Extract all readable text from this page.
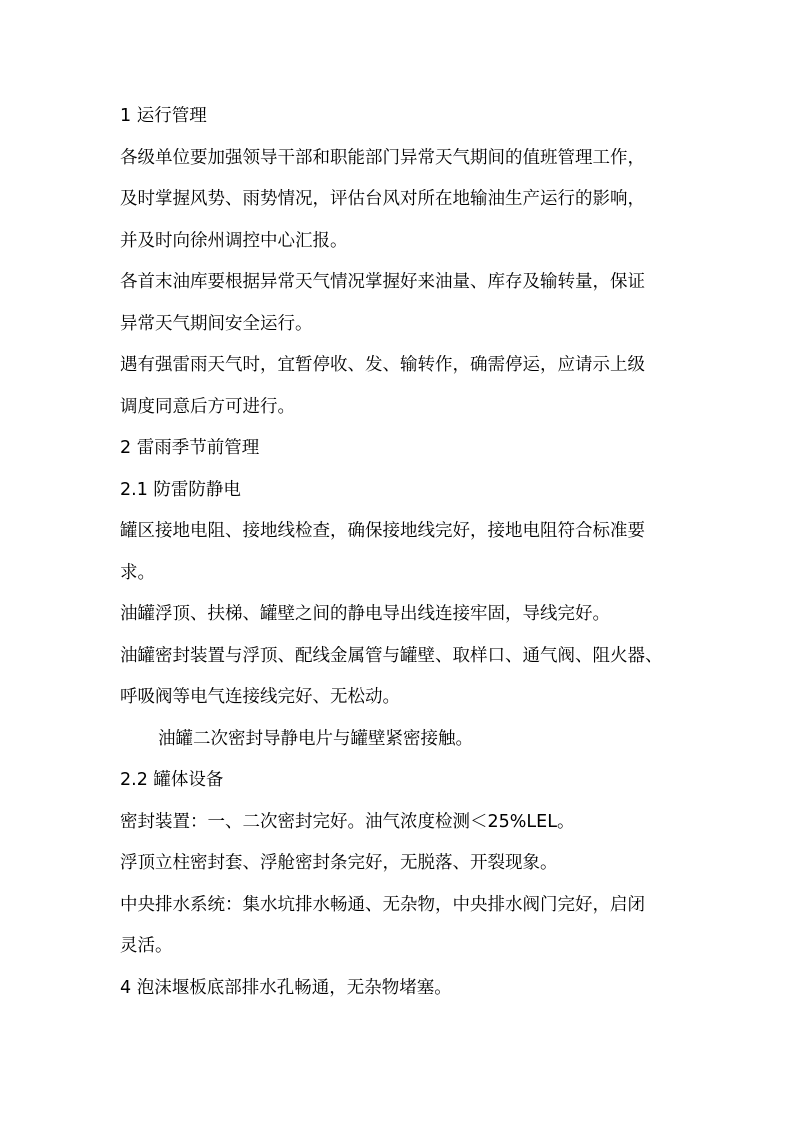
1 运行管理
各级单位要加强领导干部和职能部门异常天气期间的值班管理工作，
及时掌握风势、雨势情况，评估台风对所在地输油生产运行的影响，
并及时向徐州调控中心汇报。
各首末油库要根据异常天气情况掌握好来油量、库存及输转量，保证
异常天气期间安全运行。
遇有强雷雨天气时，宜暂停收、发、输转作，确需停运，应请示上级
调度同意后方可进行。
2 雷雨季节前管理
2.1 防雷防静电
罐区接地电阻、接地线检查，确保接地线完好，接地电阻符合标准要
求。
油罐浮顶、扶梯、罐壁之间的静电导出线连接牢固，导线完好。
油罐密封装置与浮顶、配线金属管与罐壁、取样口、通气阀、阻火器、
呼吸阀等电气连接线完好、无松动。
油罐二次密封导静电片与罐壁紧密接触。
2.2 罐体设备
密封装置：一、二次密封完好。油气浓度检测＜25%LEL。
浮顶立柱密封套、浮舱密封条完好，无脱落、开裂现象。
中央排水系统：集水坑排水畅通、无杂物，中央排水阀门完好，启闭
灵活。
4 泡沫堰板底部排水孔畅通，无杂物堵塞。
